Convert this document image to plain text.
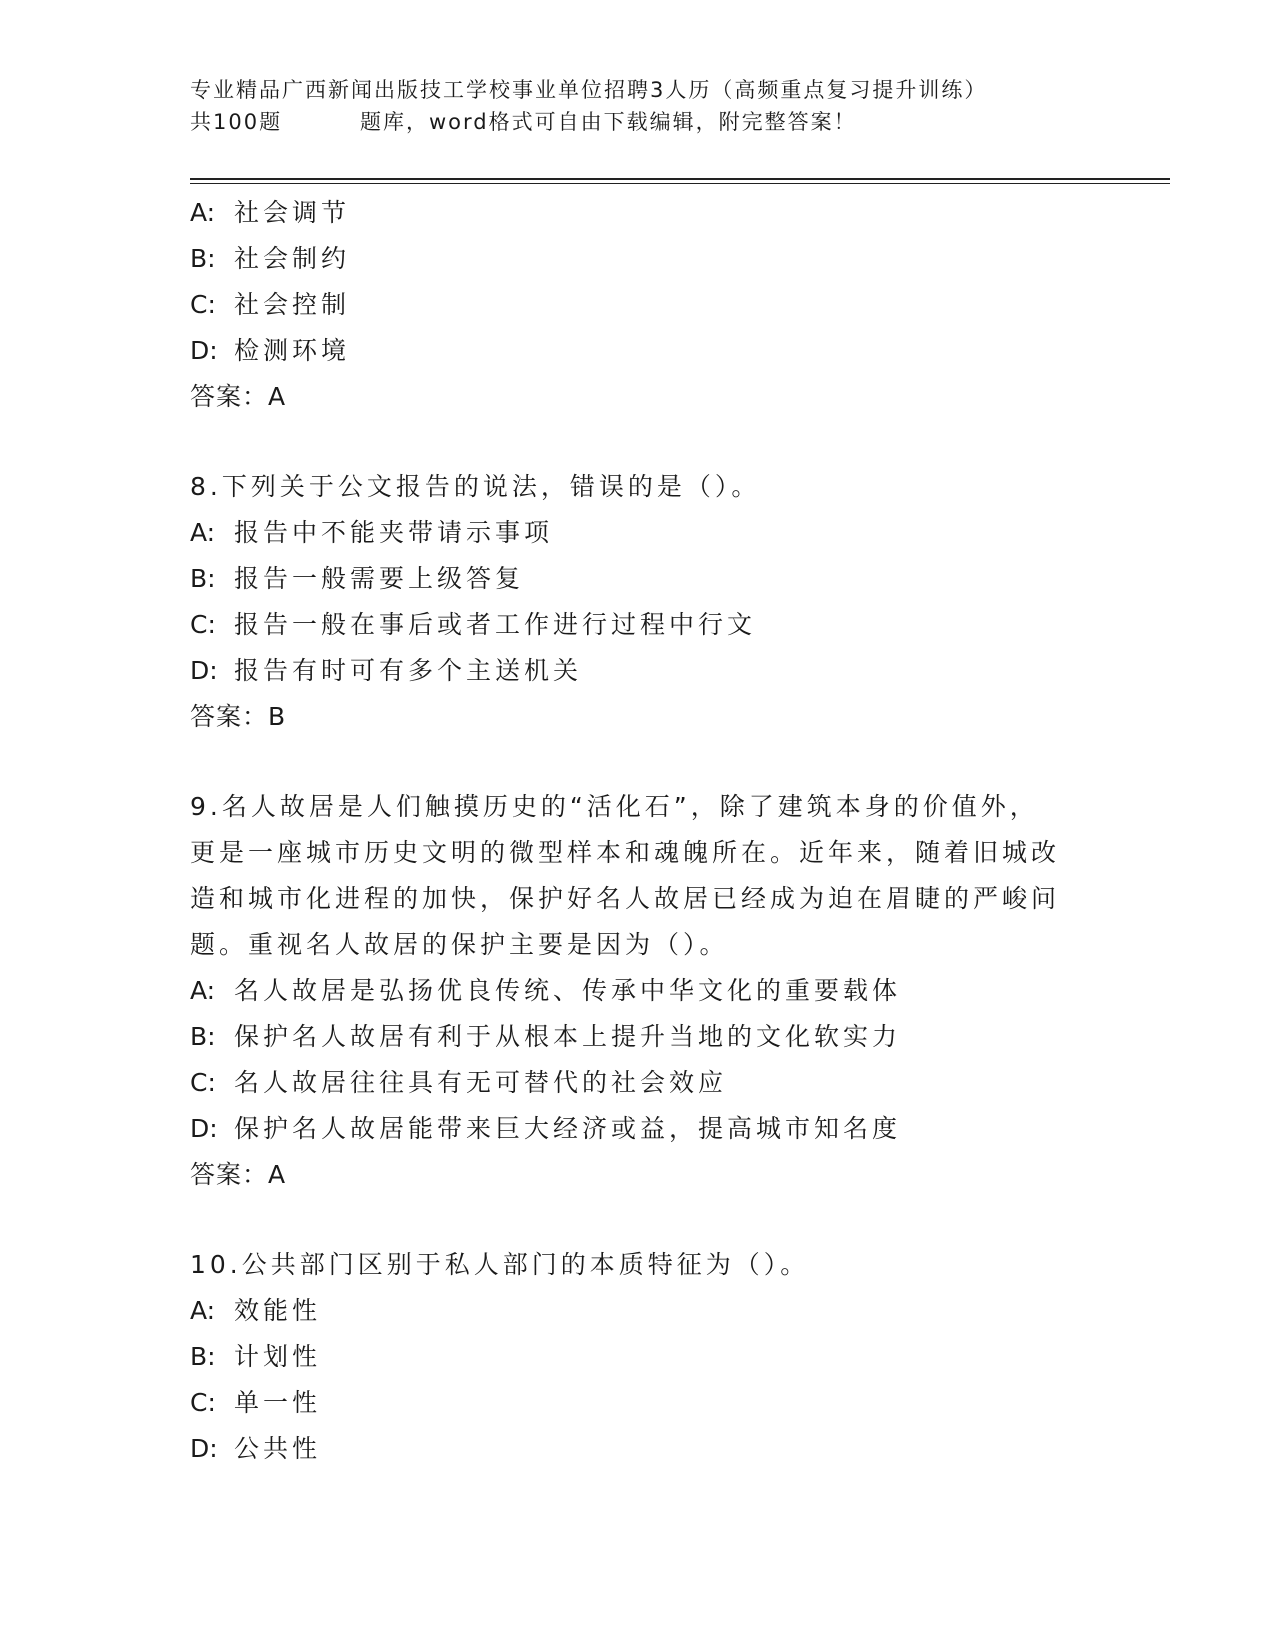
专业精品广西新闻出版技工学校事业单位招聘3人历（高频重点复习提升训练）
共100题	题库，word格式可自由下载编辑，附完整答案！
A: 社会调节
B: 社会制约
C: 社会控制
D: 检测环境
答案：A
8.下列关于公文报告的说法，错误的是（）。
A: 报告中不能夹带请示事项
B: 报告一般需要上级答复
C: 报告一般在事后或者工作进行过程中行文
D: 报告有时可有多个主送机关
答案：B
9.名人故居是人们触摸历史的“活化石”，除了建筑本身的价值外，
更是一座城市历史文明的微型样本和魂魄所在。近年来，随着旧城改
造和城市化进程的加快，保护好名人故居已经成为迫在眉睫的严峻问
题。重视名人故居的保护主要是因为（）。
A: 名人故居是弘扬优良传统、传承中华文化的重要载体
B: 保护名人故居有利于从根本上提升当地的文化软实力
C: 名人故居往往具有无可替代的社会效应
D: 保护名人故居能带来巨大经济或益，提高城市知名度
答案：A
10.公共部门区别于私人部门的本质特征为（）。
A: 效能性
B: 计划性
C: 单一性
D: 公共性
